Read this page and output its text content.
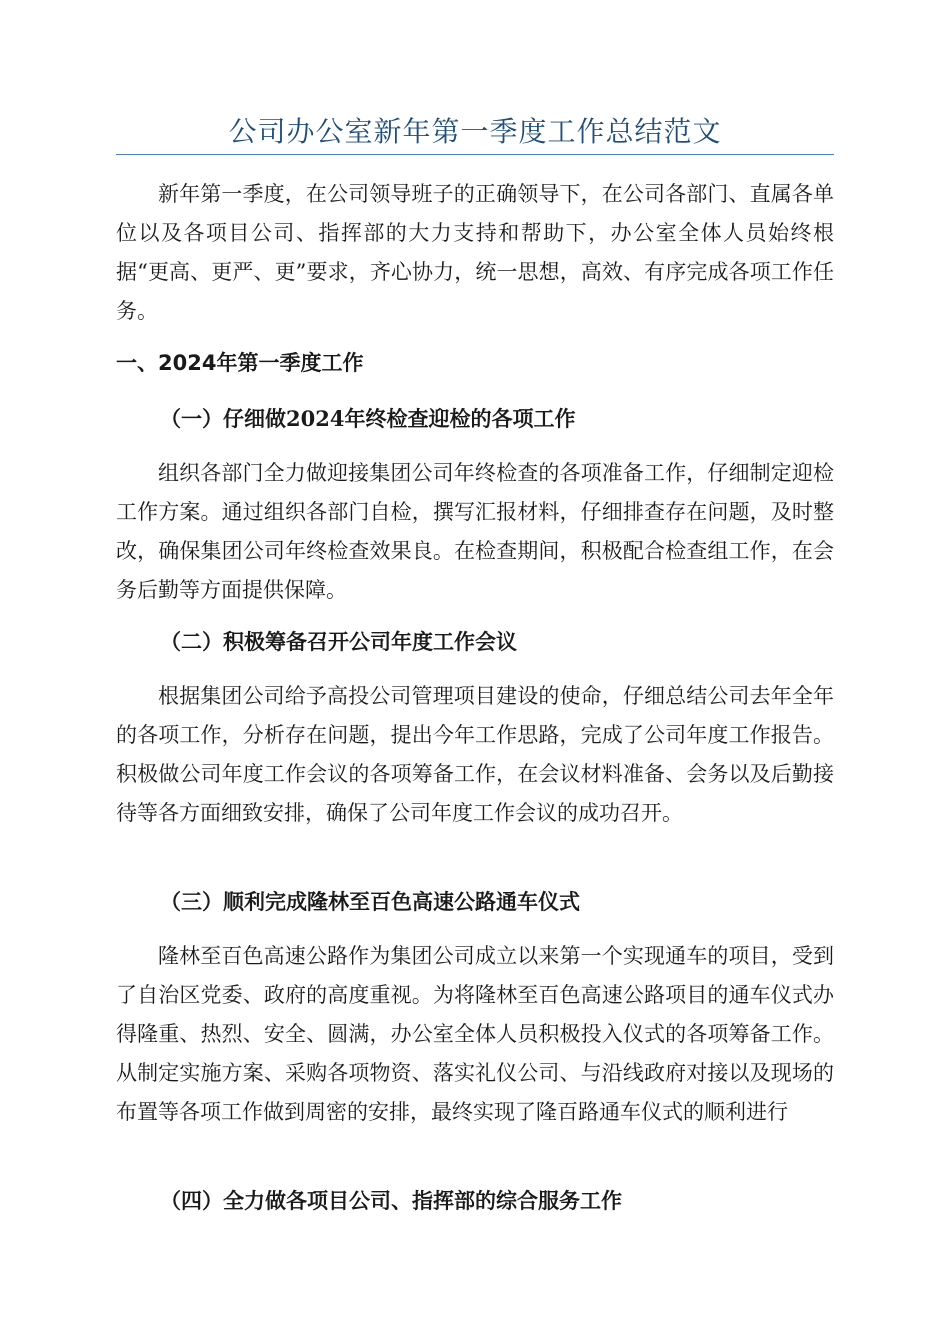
公司办公室新年第一季度工作总结范文

新年第一季度，在公司领导班子的正确领导下，在公司各部门、直属各单位以及各项目公司、指挥部的大力支持和帮助下，办公室全体人员始终根据“更高、更严、更”要求，齐心协力，统一思想，高效、有序完成各项工作任务。

一、2024年第一季度工作
（一）仔细做2024年终检查迎检的各项工作

组织各部门全力做迎接集团公司年终检查的各项准备工作，仔细制定迎检工作方案。通过组织各部门自检，撰写汇报材料，仔细排查存在问题，及时整改，确保集团公司年终检查效果良。在检查期间，积极配合检查组工作，在会务后勤等方面提供保障。

（二）积极筹备召开公司年度工作会议

根据集团公司给予高投公司管理项目建设的使命，仔细总结公司去年全年的各项工作，分析存在问题，提出今年工作思路，完成了公司年度工作报告。积极做公司年度工作会议的各项筹备工作，在会议材料准备、会务以及后勤接待等各方面细致安排，确保了公司年度工作会议的成功召开。

（三）顺利完成隆林至百色高速公路通车仪式

隆林至百色高速公路作为集团公司成立以来第一个实现通车的项目，受到了自治区党委、政府的高度重视。为将隆林至百色高速公路项目的通车仪式办得隆重、热烈、安全、圆满，办公室全体人员积极投入仪式的各项筹备工作。从制定实施方案、采购各项物资、落实礼仪公司、与沿线政府对接以及现场的布置等各项工作做到周密的安排，最终实现了隆百路通车仪式的顺利进行

（四）全力做各项目公司、指挥部的综合服务工作
